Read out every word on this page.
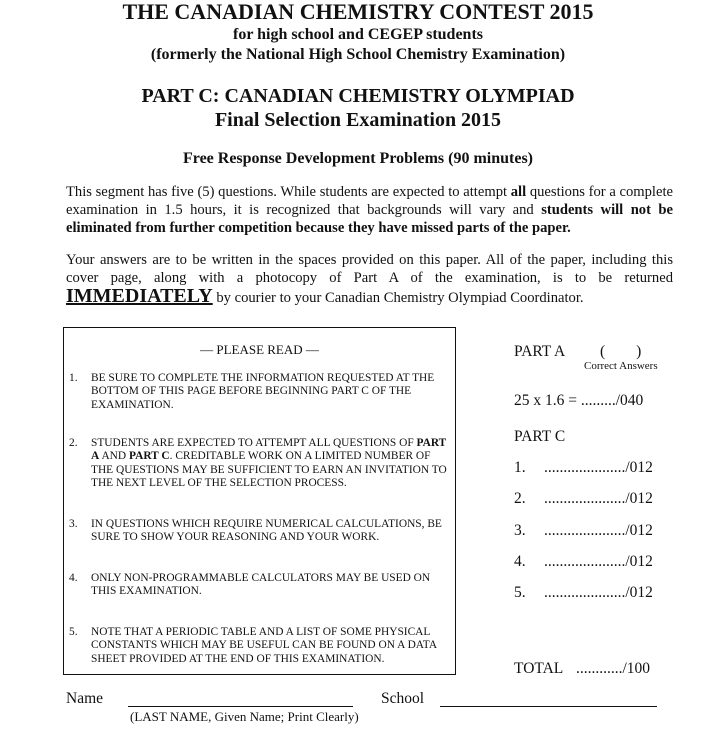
THE CANADIAN CHEMISTRY CONTEST 2015
for high school and CEGEP students
(formerly the National High School Chemistry Examination)
PART C: CANADIAN CHEMISTRY OLYMPIAD
Final Selection Examination 2015
Free Response Development Problems (90 minutes)
This segment has five (5) questions. While students are expected to attempt all questions for a complete examination in 1.5 hours, it is recognized that backgrounds will vary and students will not be eliminated from further competition because they have missed parts of the paper.
Your answers are to be written in the spaces provided on this paper. All of the paper, including this cover page, along with a photocopy of Part A of the examination, is to be returned IMMEDIATELY by courier to your Canadian Chemistry Olympiad Coordinator.
— PLEASE READ —
1. BE SURE TO COMPLETE THE INFORMATION REQUESTED AT THE BOTTOM OF THIS PAGE BEFORE BEGINNING PART C OF THE EXAMINATION.
2. STUDENTS ARE EXPECTED TO ATTEMPT ALL QUESTIONS OF PART A AND PART C. CREDITABLE WORK ON A LIMITED NUMBER OF THE QUESTIONS MAY BE SUFFICIENT TO EARN AN INVITATION TO THE NEXT LEVEL OF THE SELECTION PROCESS.
3. IN QUESTIONS WHICH REQUIRE NUMERICAL CALCULATIONS, BE SURE TO SHOW YOUR REASONING AND YOUR WORK.
4. ONLY NON-PROGRAMMABLE CALCULATORS MAY BE USED ON THIS EXAMINATION.
5. NOTE THAT A PERIODIC TABLE AND A LIST OF SOME PHYSICAL CONSTANTS WHICH MAY BE USEFUL CAN BE FOUND ON A DATA SHEET PROVIDED AT THE END OF THIS EXAMINATION.
PART A (        )
Correct Answers
25 x 1.6 = ........./040
PART C
1. ...................../012
2. ...................../012
3. ...................../012
4. ...................../012
5. ...................../012
TOTAL ............/100
Name
(LAST NAME, Given Name; Print Clearly)
School
